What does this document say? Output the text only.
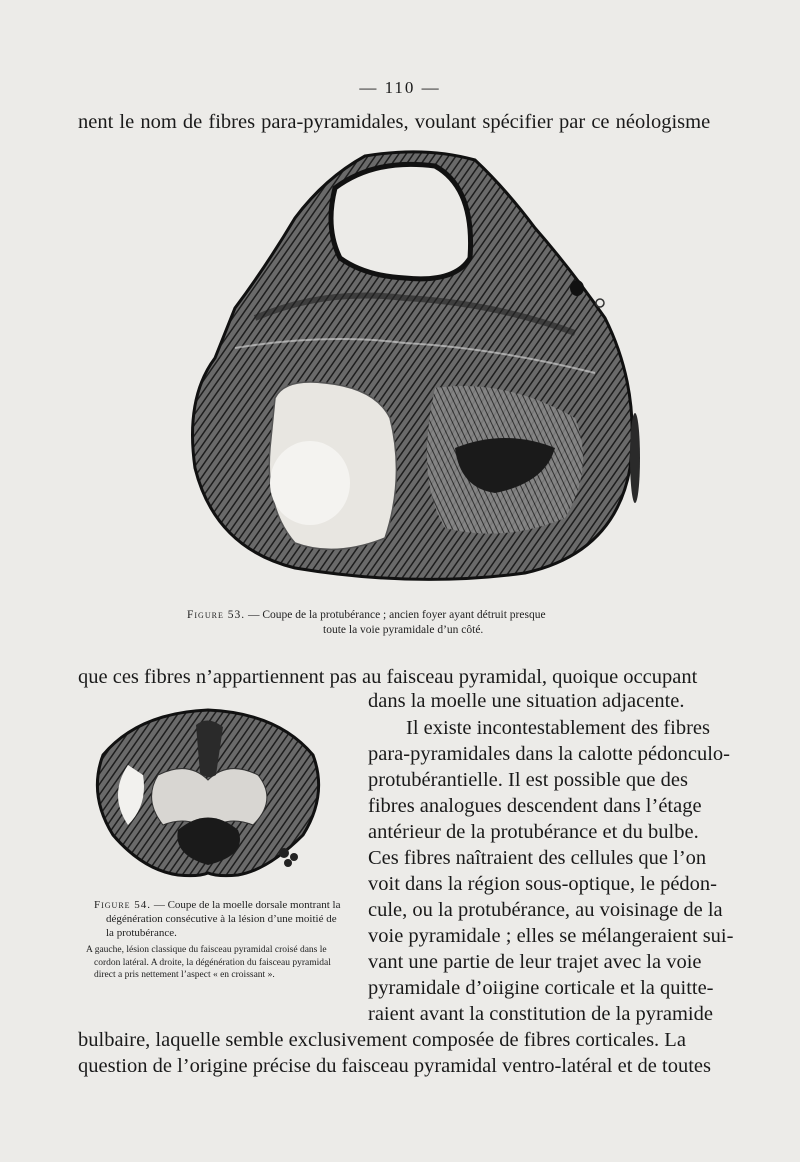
— 110 —
nent le nom de fibres para-pyramidales, voulant spécifier par ce néologisme
Figure 53. — Coupe de la protubérance ; ancien foyer ayant détruit presque
toute la voie pyramidale d’un côté.
que ces fibres n’appartiennent pas au faisceau pyramidal, quoique occupant
dans la moelle une situation adjacente.
Il existe incontestablement des fibres
para-pyramidales dans la calotte pédonculo-
protubérantielle. Il est possible que des
fibres analogues descendent dans l’étage
antérieur de la protubérance et du bulbe.
Ces fibres naîtraient des cellules que l’on
voit dans la région sous-optique, le pédon-
cule, ou la protubérance, au voisinage de la
voie pyramidale ; elles se mélangeraient sui-
vant une partie de leur trajet avec la voie
pyramidale d’oiigine corticale et la quitte-
raient avant la constitution de la pyramide
bulbaire, laquelle semble exclusivement composée de fibres corticales. La
question de l’origine précise du faisceau pyramidal ventro-latéral et de toutes
Figure 54. — Coupe de la moelle dorsale montrant la dégénération consécutive à la lésion d’une moitié de la protubérance.
A gauche, lésion classique du faisceau pyramidal croisé dans le cordon latéral. A droite, la dégénération du faisceau pyramidal direct a pris nettement l’aspect « en croissant ».
